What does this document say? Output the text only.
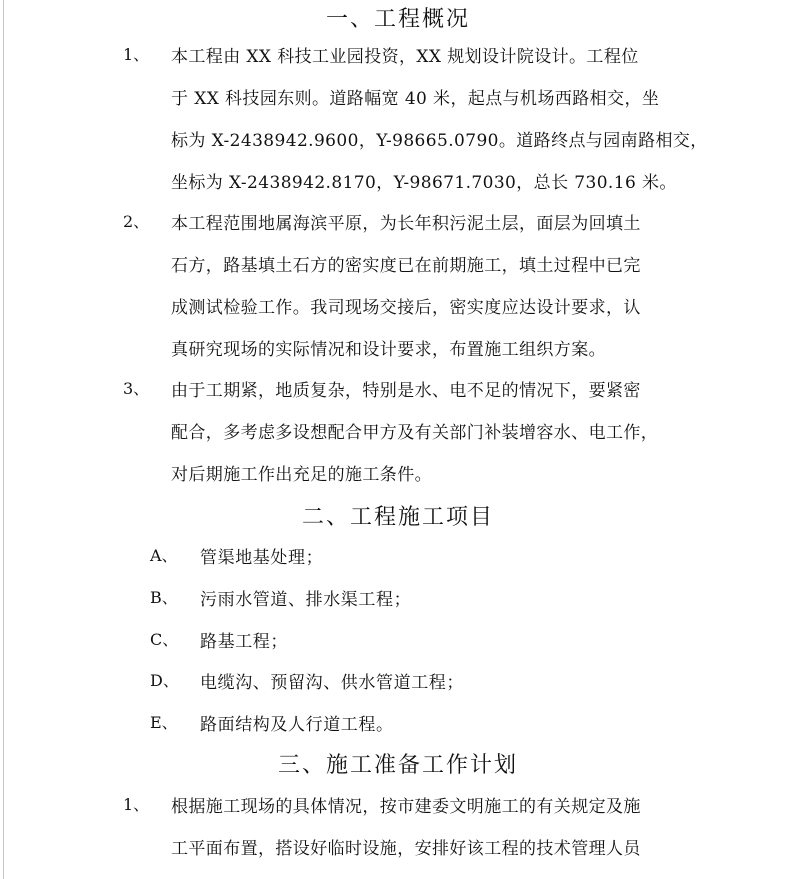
一、工程概况
1、 本工程由 XX 科技工业园投资，XX 规划设计院设计。工程位
于 XX 科技园东则。道路幅宽 40 米，起点与机场西路相交，坐
标为 X-2438942.9600，Y-98665.0790。道路终点与园南路相交，
坐标为 X-2438942.8170，Y-98671.7030，总长 730.16 米。
2、 本工程范围地属海滨平原，为长年积污泥土层，面层为回填土
石方，路基填土石方的密实度已在前期施工，填土过程中已完
成测试检验工作。我司现场交接后，密实度应达设计要求，认
真研究现场的实际情况和设计要求，布置施工组织方案。
3、 由于工期紧，地质复杂，特别是水、电不足的情况下，要紧密
配合，多考虑多设想配合甲方及有关部门补装增容水、电工作，
对后期施工作出充足的施工条件。
二、工程施工项目
A、 管渠地基处理；
B、 污雨水管道、排水渠工程；
C、 路基工程；
D、 电缆沟、预留沟、供水管道工程；
E、 路面结构及人行道工程。
三、施工准备工作计划
1、 根据施工现场的具体情况，按市建委文明施工的有关规定及施
工平面布置，搭设好临时设施，安排好该工程的技术管理人员
